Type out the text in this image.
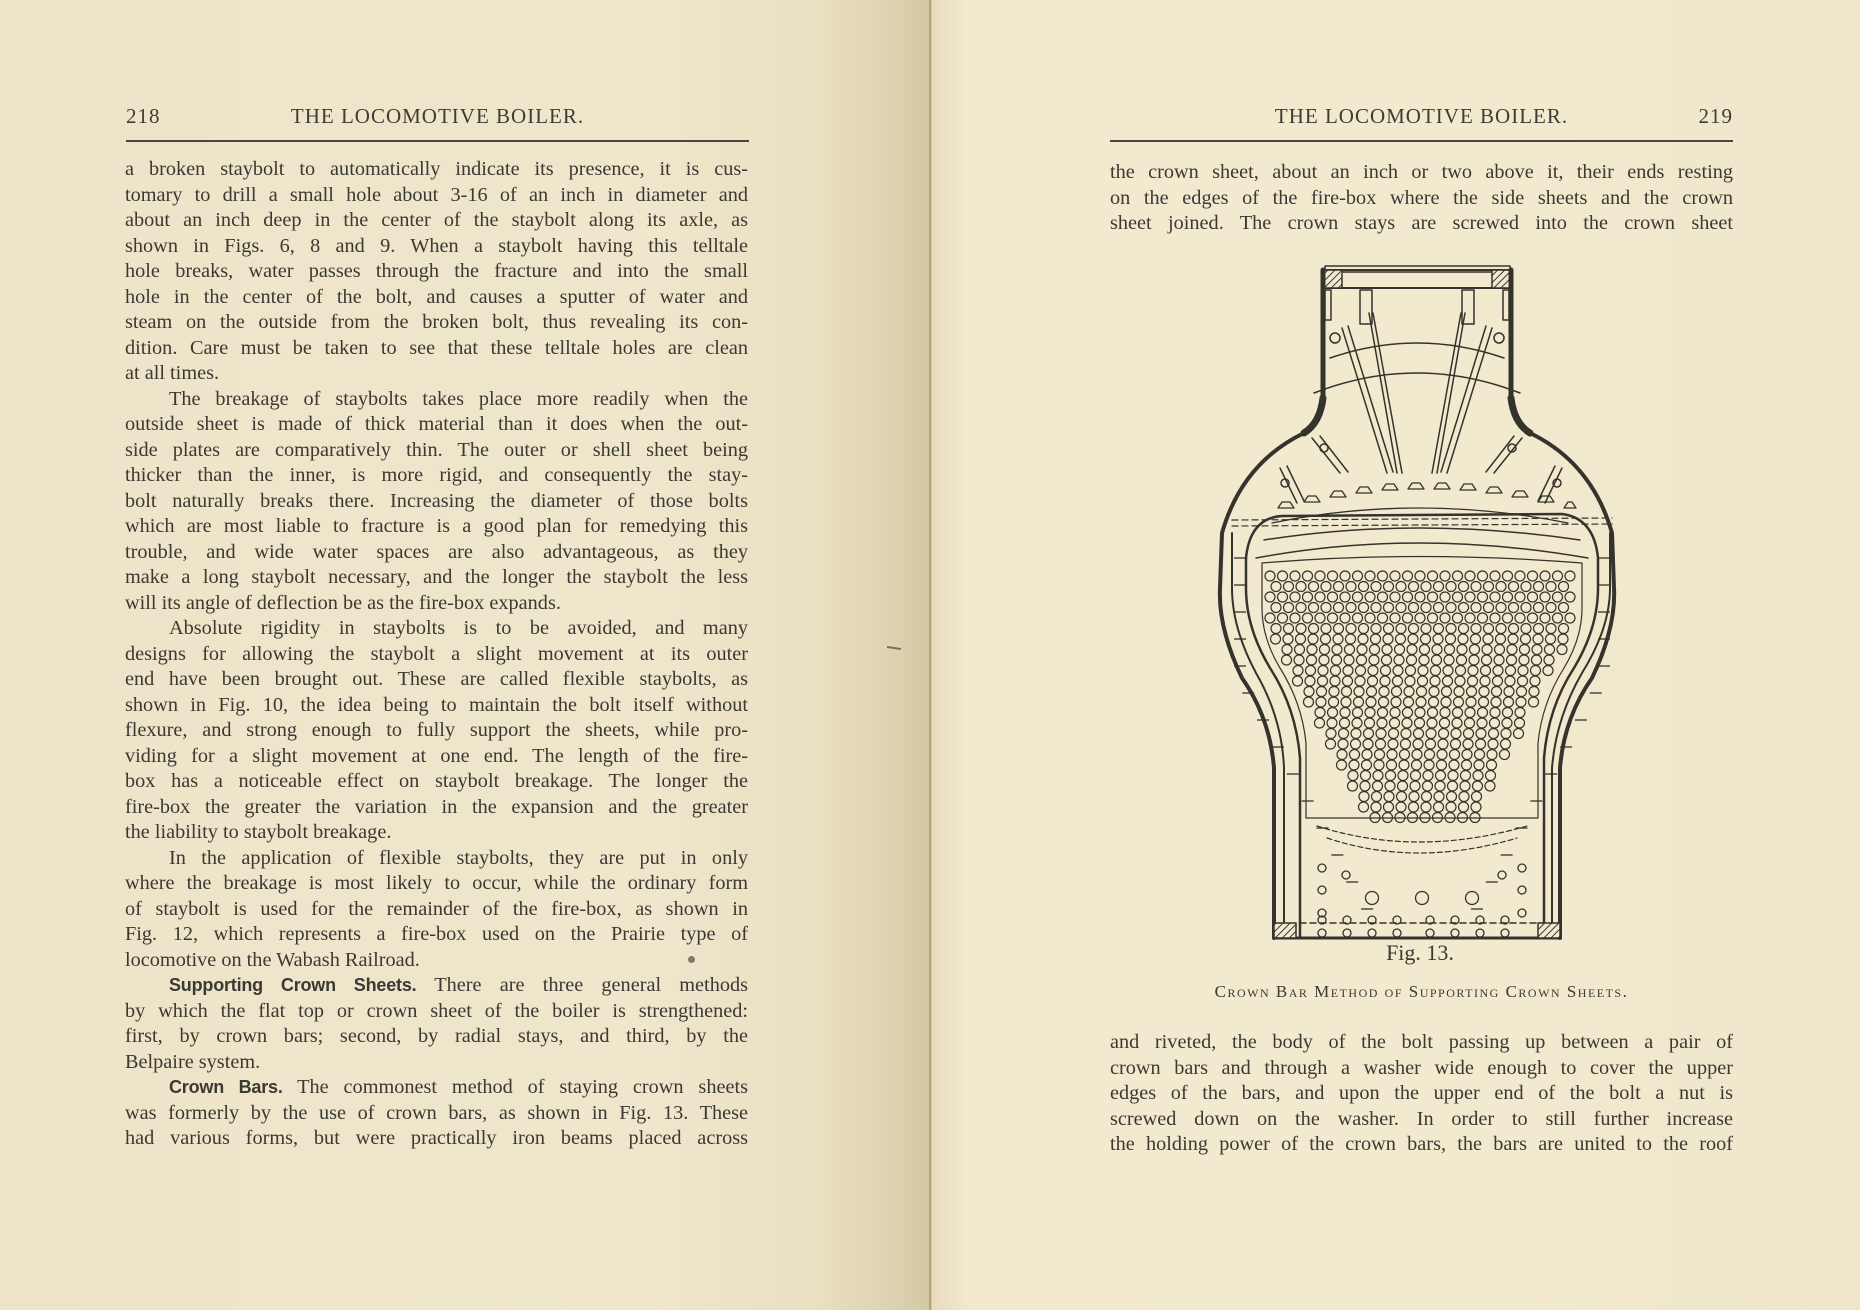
218	THE LOCOMOTIVE BOILER.
a broken staybolt to automatically indicate its presence, it is cus-
tomary to drill a small hole about 3-16 of an inch in diameter and
about an inch deep in the center of the staybolt along its axle, as
shown in Figs. 6, 8 and 9. When a staybolt having this telltale
hole breaks, water passes through the fracture and into the small
hole in the center of the bolt, and causes a sputter of water and
steam on the outside from the broken bolt, thus revealing its con-
dition. Care must be taken to see that these telltale holes are clean
at all times.
The breakage of staybolts takes place more readily when the
outside sheet is made of thick material than it does when the out-
side plates are comparatively thin. The outer or shell sheet being
thicker than the inner, is more rigid, and consequently the stay-
bolt naturally breaks there. Increasing the diameter of those bolts
which are most liable to fracture is a good plan for remedying this
trouble, and wide water spaces are also advantageous, as they
make a long staybolt necessary, and the longer the staybolt the less
will its angle of deflection be as the fire-box expands.
Absolute rigidity in staybolts is to be avoided, and many
designs for allowing the staybolt a slight movement at its outer
end have been brought out. These are called flexible staybolts, as
shown in Fig. 10, the idea being to maintain the bolt itself without
flexure, and strong enough to fully support the sheets, while pro-
viding for a slight movement at one end. The length of the fire-
box has a noticeable effect on staybolt breakage. The longer the
fire-box the greater the variation in the expansion and the greater
the liability to staybolt breakage.
In the application of flexible staybolts, they are put in only
where the breakage is most likely to occur, while the ordinary form
of staybolt is used for the remainder of the fire-box, as shown in
Fig. 12, which represents a fire-box used on the Prairie type of
locomotive on the Wabash Railroad.
Supporting Crown Sheets. There are three general methods
by which the flat top or crown sheet of the boiler is strengthened:
first, by crown bars; second, by radial stays, and third, by the
Belpaire system.
Crown Bars. The commonest method of staying crown sheets
was formerly by the use of crown bars, as shown in Fig. 13. These
had various forms, but were practically iron beams placed across
THE LOCOMOTIVE BOILER.	219
the crown sheet, about an inch or two above it, their ends resting
on the edges of the fire-box where the side sheets and the crown
sheet joined. The crown stays are screwed into the crown sheet
and riveted, the body of the bolt passing up between a pair of
crown bars and through a washer wide enough to cover the upper
edges of the bars, and upon the upper end of the bolt a nut is
screwed down on the washer. In order to still further increase
the holding power of the crown bars, the bars are united to the roof
Fig. 13.
Crown Bar Method of Supporting Crown Sheets.
